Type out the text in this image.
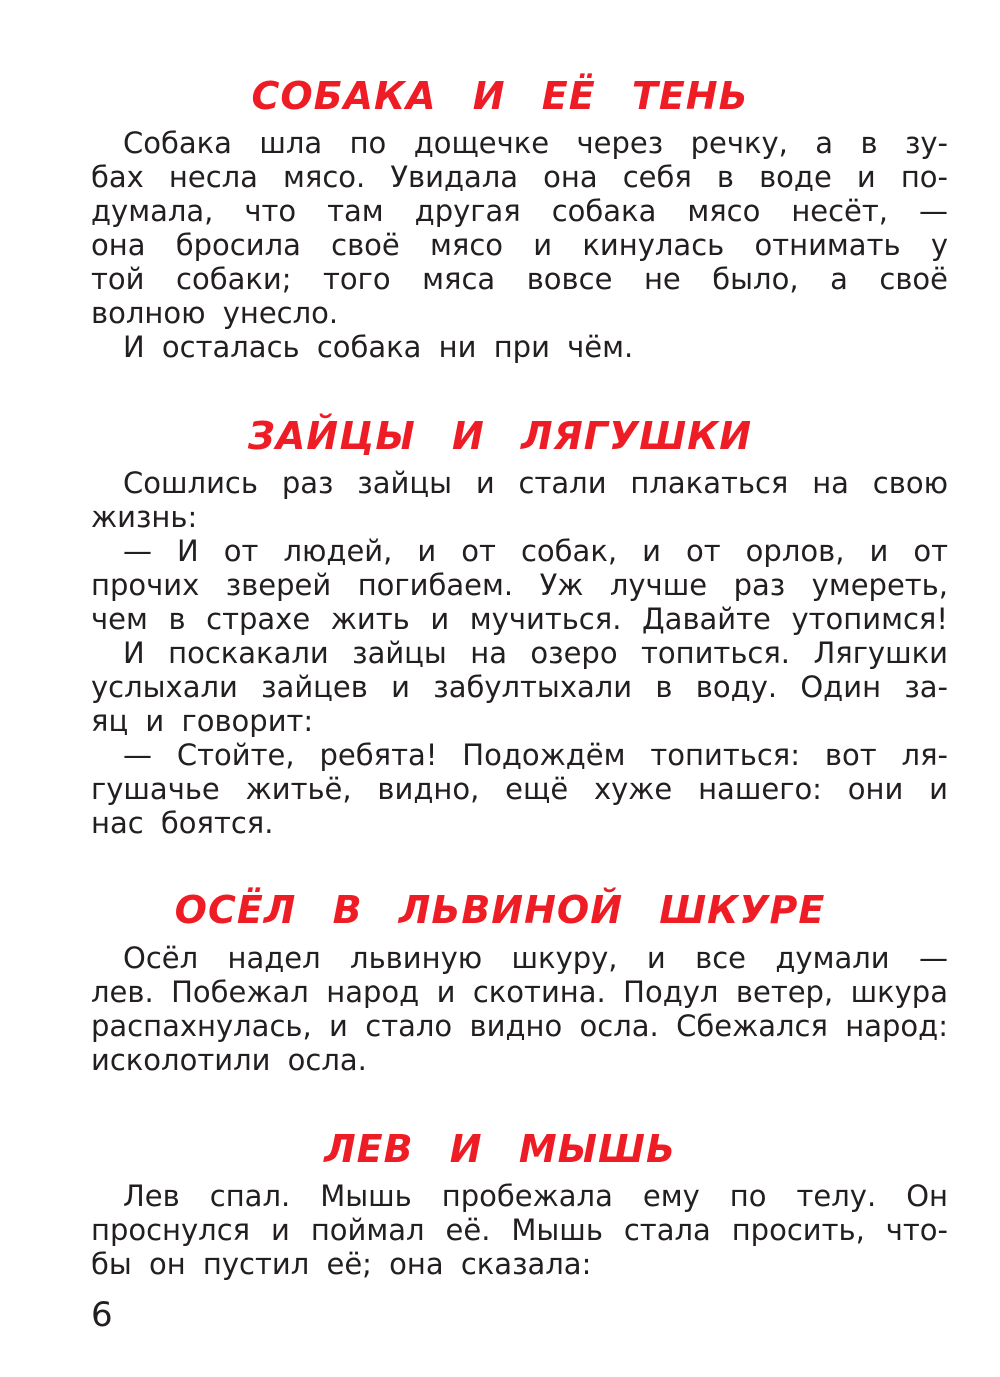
СОБАКА И ЕЁ ТЕНЬ

Собака шла по дощечке через речку, а в зу-

бах несла мясо. Увидала она себя в воде и по-

думала, что там другая собака мясо несёт, —

она бросила своё мясо и кинулась отнимать у

той собаки; того мяса вовсе не было, а своё

волною унесло.

И осталась собака ни при чём.

ЗАЙЦЫ И ЛЯГУШКИ

Сошлись раз зайцы и стали плакаться на свою

жизнь:

— И от людей, и от собак, и от орлов, и от

прочих зверей погибаем. Уж лучше раз умереть,

чем в страхе жить и мучиться. Давайте утопимся!

И поскакали зайцы на озеро топиться. Лягушки

услыхали зайцев и забултыхали в воду. Один за-

яц и говорит:

— Стойте, ребята! Подождём топиться: вот ля-

гушачье житьё, видно, ещё хуже нашего: они и

нас боятся.

ОСЁЛ В ЛЬВИНОЙ ШКУРЕ

Осёл надел львиную шкуру, и все думали —

лев. Побежал народ и скотина. Подул ветер, шкура

распахнулась, и стало видно осла. Сбежался народ:

исколотили осла.

ЛЕВ И МЫШЬ

Лев спал. Мышь пробежала ему по телу. Он

проснулся и поймал её. Мышь стала просить, что-

бы он пустил её; она сказала:

6
